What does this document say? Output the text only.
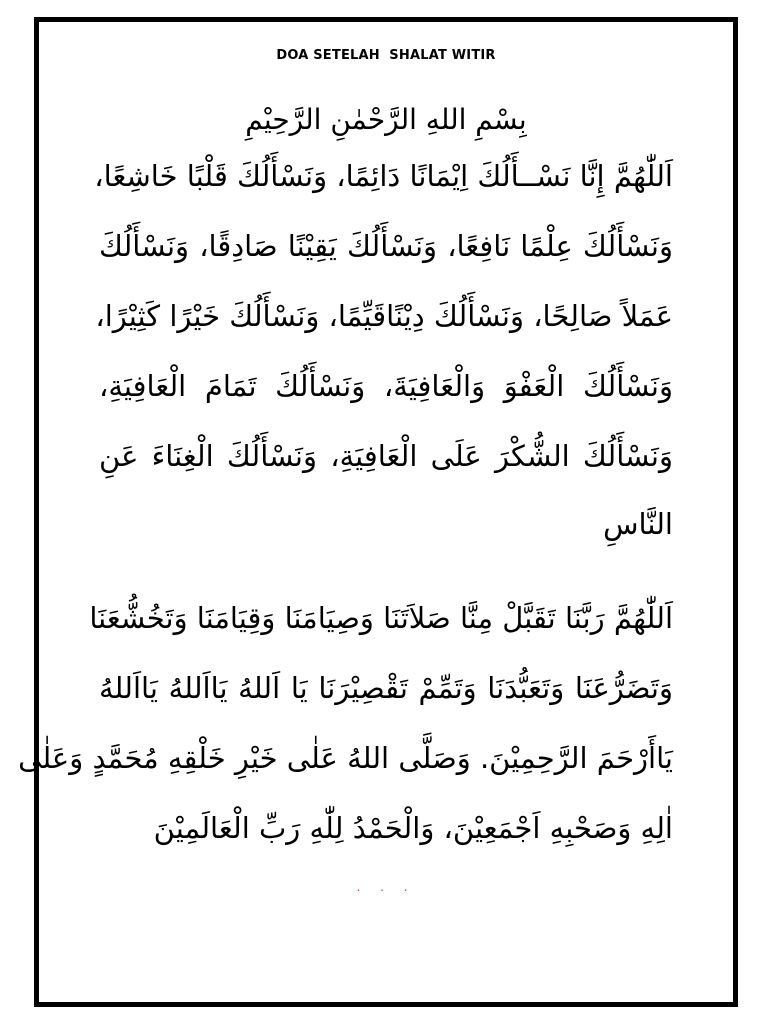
DOA SETELAH  SHALAT WITIR
بِسْمِ اللهِ الرَّحْمٰنِ الرَّحِيْمِ
اَللّٰهُمَّ إِنَّا نَسْــأَلُكَ اِيْمَانًا دَائِمًا، وَنَسْأَلُكَ قَلْبًا خَاشِعًا،
وَنَسْأَلُكَ عِلْمًا نَافِعًا، وَنَسْأَلُكَ يَقِيْنًا صَادِقًا، وَنَسْأَلُكَ
عَمَلاً صَالِحًا، وَنَسْأَلُكَ دِيْنًاقَيِّمًا، وَنَسْأَلُكَ خَيْرًا كَثِيْرًا،
وَنَسْأَلُكَ الْعَفْوَ وَالْعَافِيَةَ، وَنَسْأَلُكَ تَمَامَ الْعَافِيَةِ،
وَنَسْأَلُكَ الشُّكْرَ عَلَى الْعَافِيَةِ، وَنَسْأَلُكَ الْغِنَاءَ عَنِ
النَّاسِ
اَللّٰهُمَّ رَبَّنَا تَقَبَّلْ مِنَّا صَلاَتَنَا وَصِيَامَنَا وَقِيَامَنَا وَتَخُشُّعَنَا
وَتَضَرُّعَنَا وَتَعَبُّدَنَا وَتَمِّمْ تَقْصِيْرَنَا يَا اَللهُ يَااَللهُ يَااَللهُ
يَاأَرْحَمَ الرَّحِمِيْنَ. وَصَلَّى اللهُ عَلٰى خَيْرِ خَلْقِهِ مُحَمَّدٍ وَعَلٰى
اٰلِهِ وَصَحْبِهِ اَجْمَعِيْنَ، وَالْحَمْدُ لِلّٰهِ رَبِّ الْعَالَمِيْنَ
. . .
